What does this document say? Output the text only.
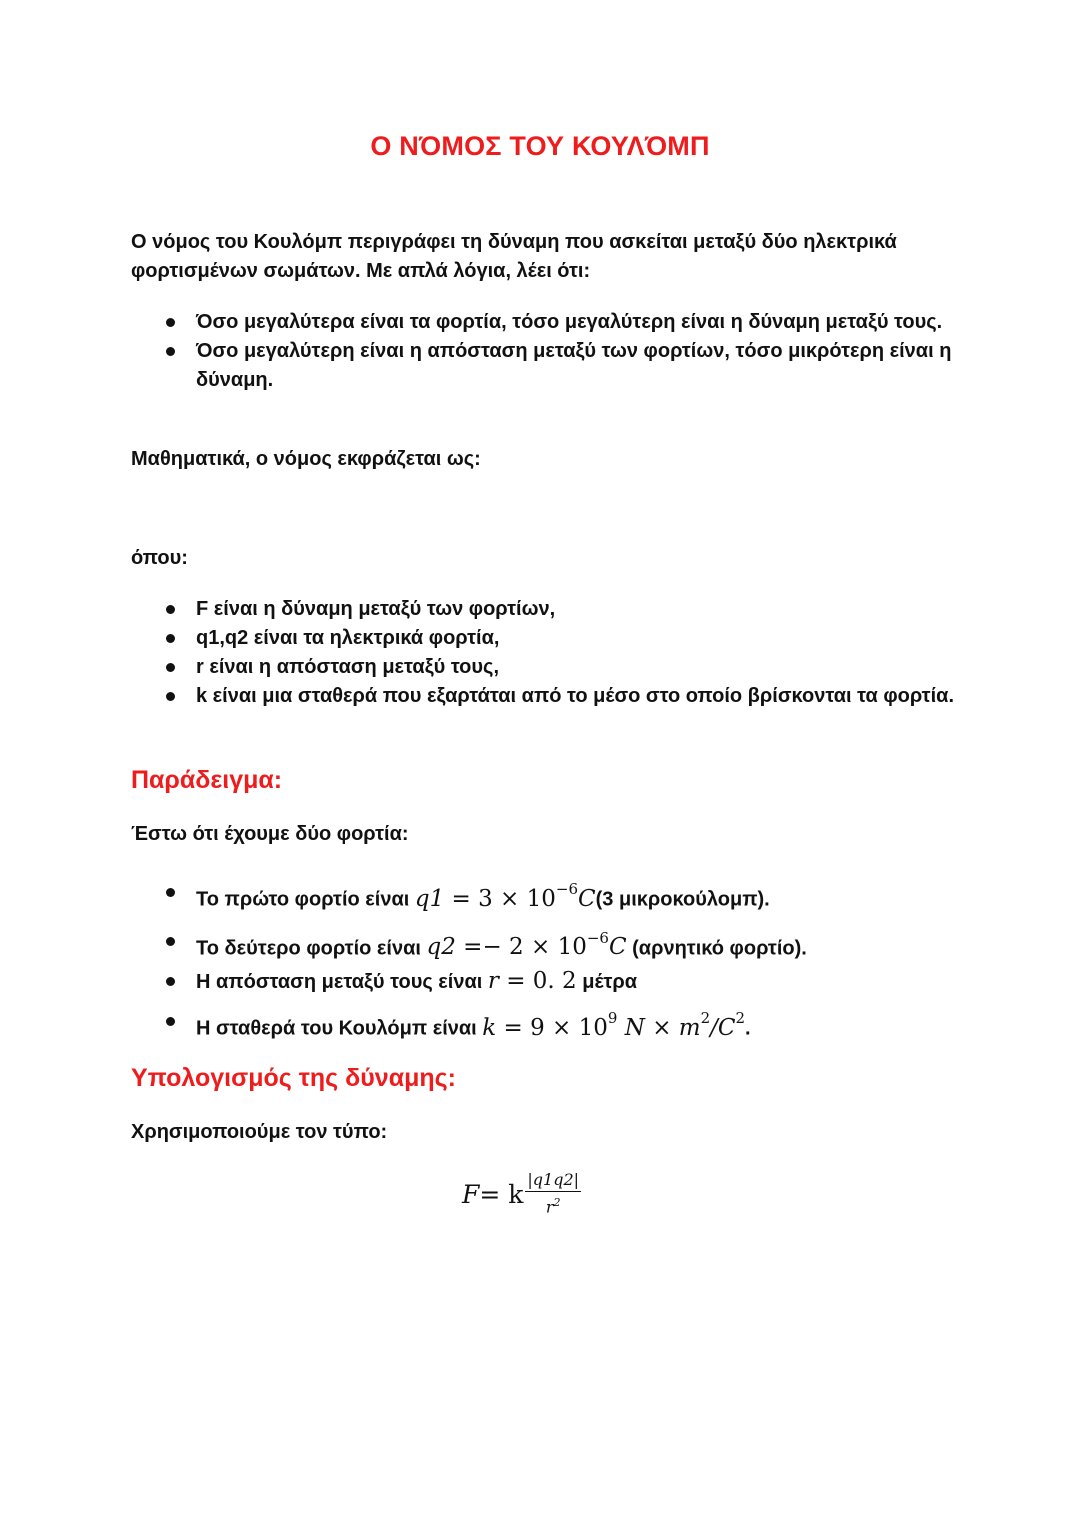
Ο ΝΌΜΟΣ ΤΟΥ ΚΟΥΛΌΜΠ

Ο νόμος του Κουλόμπ περιγράφει τη δύναμη που ασκείται μεταξύ δύο ηλεκτρικά φορτισμένων σωμάτων. Με απλά λόγια, λέει ότι:

Όσο μεγαλύτερα είναι τα φορτία, τόσο μεγαλύτερη είναι η δύναμη μεταξύ τους.
Όσο μεγαλύτερη είναι η απόσταση μεταξύ των φορτίων, τόσο μικρότερη είναι η δύναμη.

Μαθηματικά, ο νόμος εκφράζεται ως:

όπου:

F είναι η δύναμη μεταξύ των φορτίων,
q1,q2 είναι τα ηλεκτρικά φορτία,
r είναι η απόσταση μεταξύ τους,
k είναι μια σταθερά που εξαρτάται από το μέσο στο οποίο βρίσκονται τα φορτία.
Παράδειγμα:

Έστω ότι έχουμε δύο φορτία:

Το πρώτο φορτίο είναι $q1 = 3 \times 10^{-6}C(3$ μικροκούλομπ).
Το δεύτερο φορτίο είναι $q2 =- 2 \times 10^{-6}C$ (αρνητικό φορτίο).
Η απόσταση μεταξύ τους είναι r = 0. 2 μέτρα
Η σταθερά του Κουλόμπ είναι $k = 9 \times 10^9$ $N \times m^2/C^2$.
Υπολογισμός της δύναμης:

Χρησιμοποιούμε τον τύπο:

F = k $\frac{|q1q2|}{r^2}$
